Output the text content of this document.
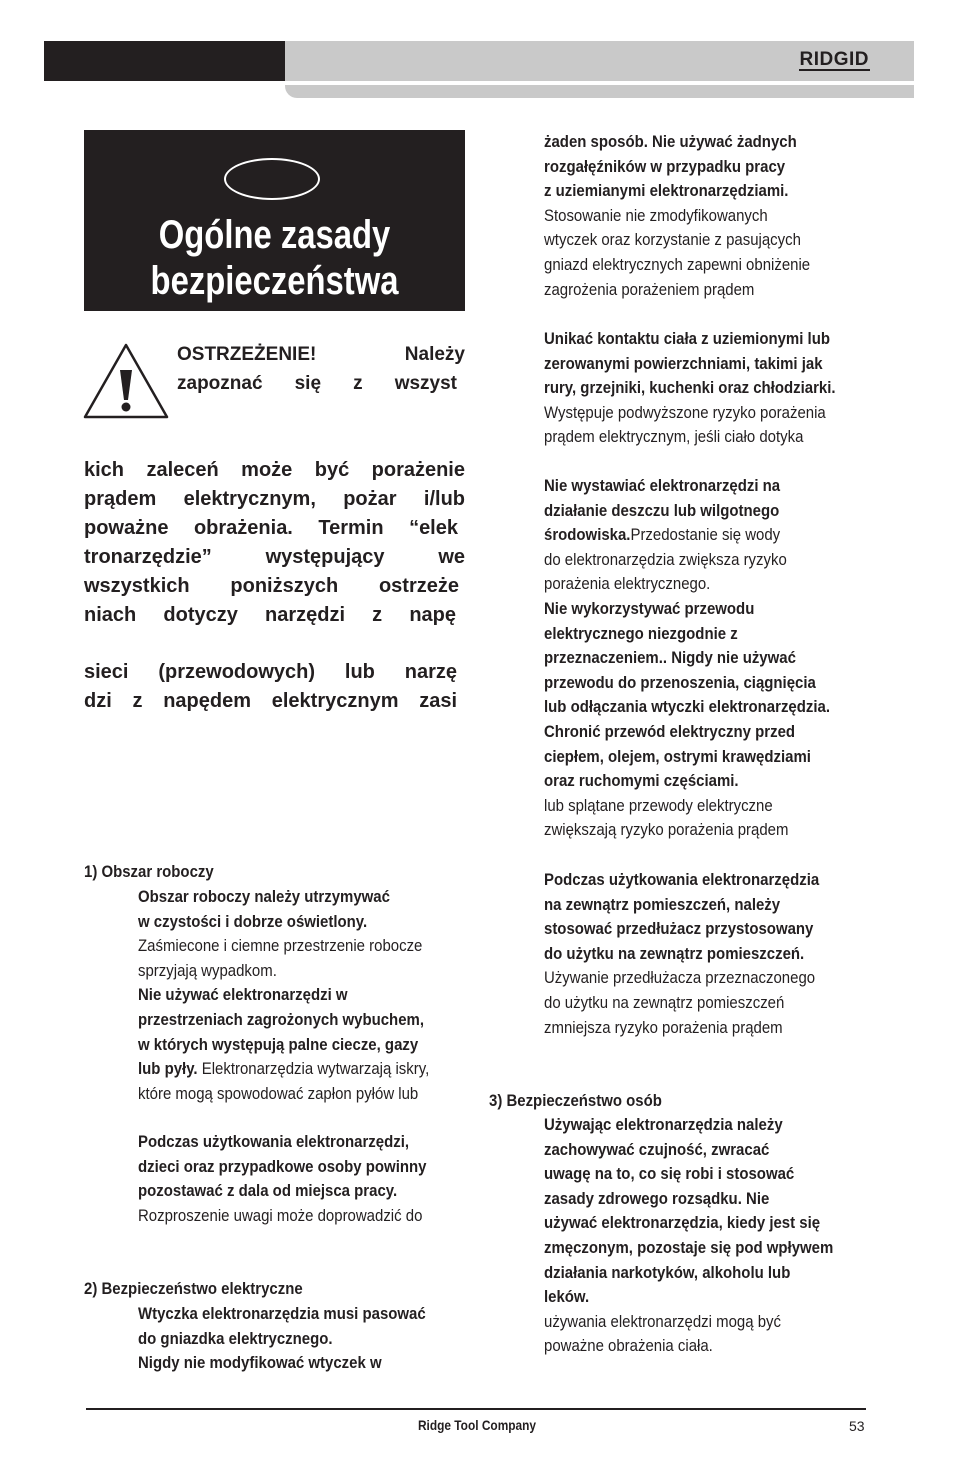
RIDGID
Ogólne zasady
bezpieczeństwa
OSTRZEŻENIE! Należy
zapoznać się z wszyst
kich zaleceń może być porażenie
prądem elektrycznym, pożar i/lub
poważne obrażenia. Termin “elek
tronarzędzie” występujący we
wszystkich poniższych ostrzeże
niach dotyczy narzędzi z napę
sieci (przewodowych) lub narzę
dzi z napędem elektrycznym zasi
1) Obszar roboczy
Obszar roboczy należy utrzymywać
w czystości i dobrze oświetlony.
Zaśmiecone i ciemne przestrzenie robocze
sprzyjają wypadkom.
Nie używać elektronarzędzi w
przestrzeniach zagrożonych wybuchem,
w których występują palne ciecze, gazy
lub pyły. Elektronarzędzia wytwarzają iskry,
które mogą spowodować zapłon pyłów lub
Podczas użytkowania elektronarzędzi,
dzieci oraz przypadkowe osoby powinny
pozostawać z dala od miejsca pracy.
Rozproszenie uwagi może doprowadzić do
2) Bezpieczeństwo elektryczne
Wtyczka elektronarzędzia musi pasować
do gniazdka elektrycznego.
Nigdy nie modyfikować wtyczek w
żaden sposób. Nie używać żadnych
rozgałęźników w przypadku pracy
z uziemianymi elektronarzędziami.
Stosowanie nie zmodyfikowanych
wtyczek oraz korzystanie z pasujących
gniazd elektrycznych zapewni obniżenie
zagrożenia porażeniem prądem
Unikać kontaktu ciała z uziemionymi lub
zerowanymi powierzchniami, takimi jak
rury, grzejniki, kuchenki oraz chłodziarki.
Występuje podwyższone ryzyko porażenia
prądem elektrycznym, jeśli ciało dotyka
Nie wystawiać elektronarzędzi na
działanie deszczu lub wilgotnego
środowiska.Przedostanie się wody
do elektronarzędzia zwiększa ryzyko
porażenia elektrycznego.
Nie wykorzystywać przewodu
elektrycznego niezgodnie z
przeznaczeniem.. Nigdy nie używać
przewodu do przenoszenia, ciągnięcia
lub odłączania wtyczki elektronarzędzia.
Chronić przewód elektryczny przed
ciepłem, olejem, ostrymi krawędziami
oraz ruchomymi częściami.
lub splątane przewody elektryczne
zwiększają ryzyko porażenia prądem
Podczas użytkowania elektronarzędzia
na zewnątrz pomieszczeń, należy
stosować przedłużacz przystosowany
do użytku na zewnątrz pomieszczeń.
Używanie przedłużacza przeznaczonego
do użytku na zewnątrz pomieszczeń
zmniejsza ryzyko porażenia prądem
3) Bezpieczeństwo osób
Używając elektronarzędzia należy
zachowywać czujność, zwracać
uwagę na to, co się robi i stosować
zasady zdrowego rozsądku. Nie
używać elektronarzędzia, kiedy jest się
zmęczonym, pozostaje się pod wpływem
działania narkotyków, alkoholu lub
leków.
używania elektronarzędzi mogą być
poważne obrażenia ciała.
Ridge Tool Company	53
